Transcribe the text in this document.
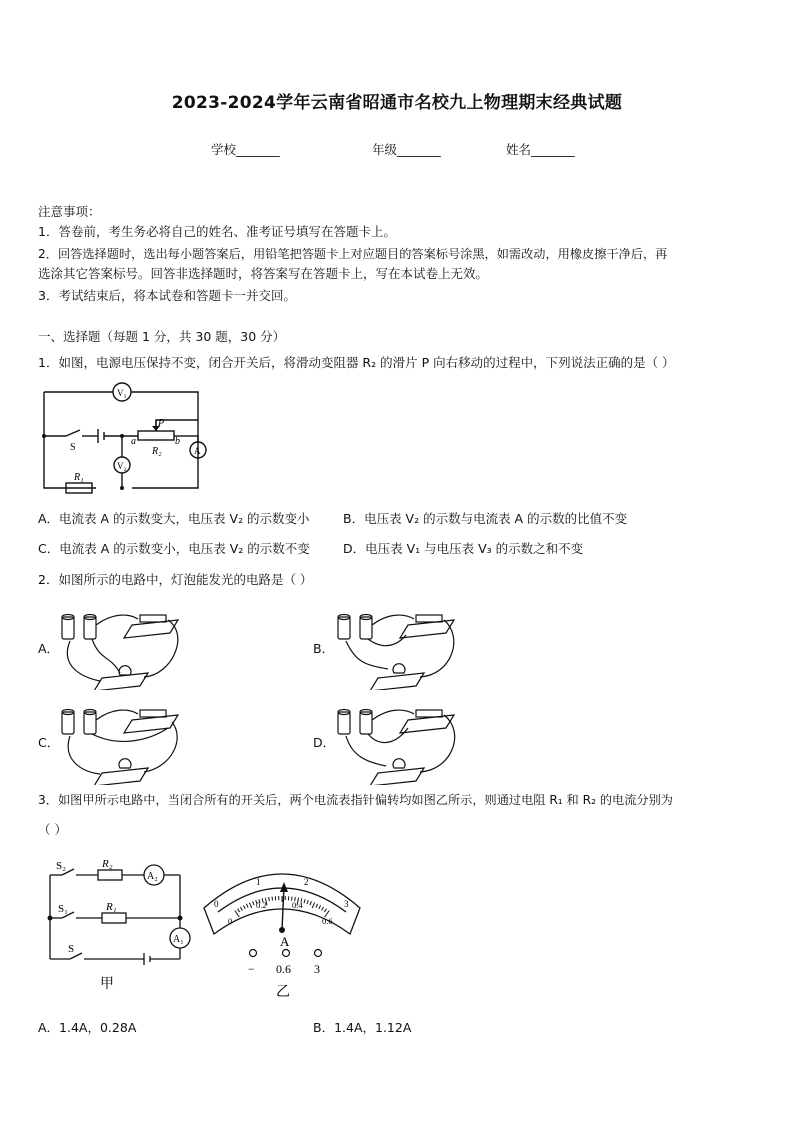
2023-2024学年云南省昭通市名校九上物理期末经典试题
学校_______	年级_______	姓名_______
注意事项：
1．答卷前，考生务必将自己的姓名、准考证号填写在答题卡上。
2．回答选择题时，选出每小题答案后，用铅笔把答题卡上对应题目的答案标号涂黑，如需改动，用橡皮擦干净后，再
选涂其它答案标号。回答非选择题时，将答案写在答题卡上，写在本试卷上无效。
3．考试结束后，将本试卷和答题卡一并交回。
一、选择题（每题 1 分，共 30 题，30 分）
1．如图，电源电压保持不变，闭合开关后，将滑动变阻器 R₂ 的滑片 P 向右移动的过程中，下列说法正确的是（ ）
V₁
V₂
A
S
P
R₂
R₁
a	b
A．电流表 A 的示数变大，电压表 V₂ 的示数变小	B．电压表 V₂ 的示数与电流表 A 的示数的比值不变
C．电流表 A 的示数变小，电压表 V₂ 的示数不变	D．电压表 V₁ 与电压表 V₃ 的示数之和不变
2．如图所示的电路中，灯泡能发光的电路是（ ）
A．	B．
C．	D．
3．如图甲所示电路中，当闭合所有的开关后，两个电流表指针偏转均如图乙所示，则通过电阻 R₁ 和 R₂ 的电流分别为
（ ）
S₂	R₂
A₂
S₁	R₁
A₁
S
甲
0
1	2
3
0
0.2	0.4
0.6
A
− 0.6 3
乙
A．1.4A，0.28A	B．1.4A，1.12A
